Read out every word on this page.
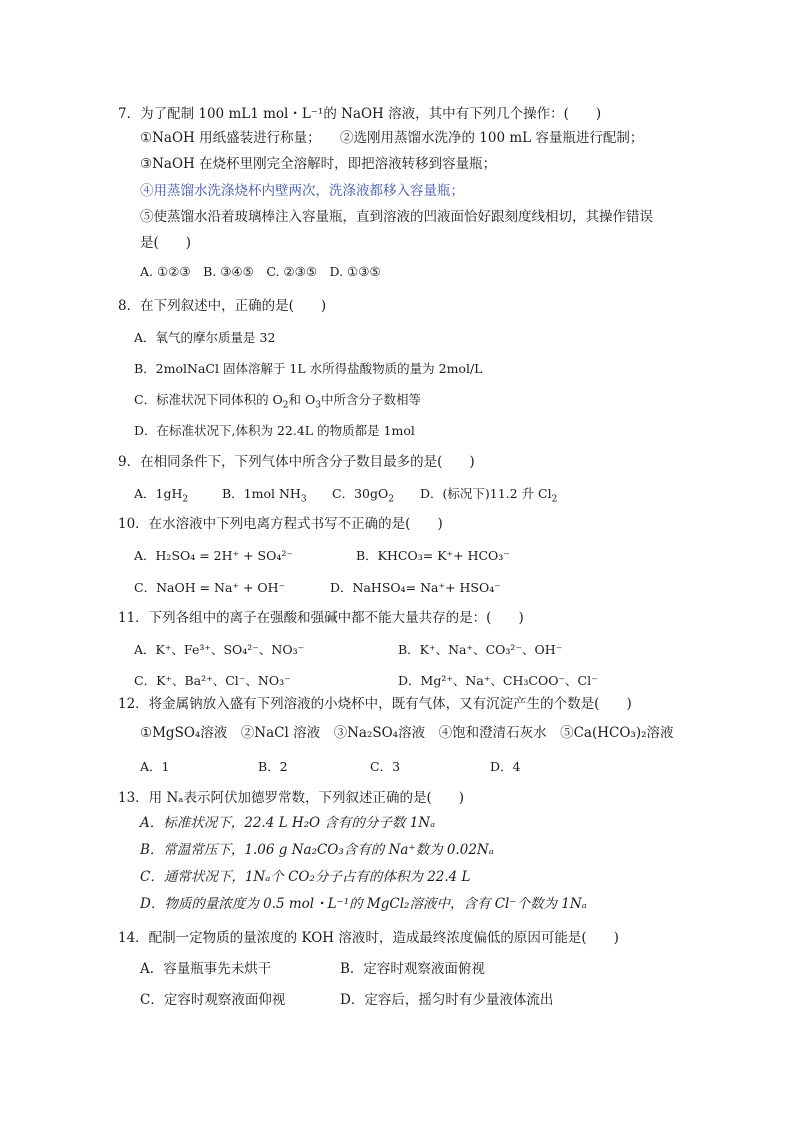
7．为了配制 100 mL1 mol・L⁻¹的 NaOH 溶液，其中有下列几个操作：(　　)
①NaOH 用纸盛装进行称量； ②选刚用蒸馏水洗净的 100 mL 容量瓶进行配制；
③NaOH 在烧杯里刚完全溶解时，即把溶液转移到容量瓶；
④用蒸馏水洗涤烧杯内壁两次，洗涤液都移入容量瓶；
⑤使蒸馏水沿着玻璃棒注入容量瓶，直到溶液的凹液面恰好跟刻度线相切，其操作错误
是(　　)
A. ①②③　B. ③④⑤　C. ②③⑤　D. ①③⑤
8．在下列叙述中，正确的是(　　)
A．氧气的摩尔质量是 32
B．2molNaCl 固体溶解于 1L 水所得盐酸物质的量为 2mol/L
C．标准状况下同体积的 $O_2$和 $O_3$中所含分子数相等
D．在标准状况下,体积为 22.4L 的物质都是 1mol
9．在相同条件下，下列气体中所含分子数目最多的是(　　)
A．$1gH_2$	B．1mol $NH_3$ C．$30gO_2$ D．(标况下)11.2 升 $Cl_2$
10．在水溶液中下列电离方程式书写不正确的是(　　)
A．H₂SO₄ = 2H⁺ + SO₄²⁻	B．KHCO₃= K⁺+ HCO₃⁻
C．NaOH = Na⁺ + OH⁻	D．NaHSO₄= Na⁺+ HSO₄⁻
11．下列各组中的离子在强酸和强碱中都不能大量共存的是：(　　)
A．K⁺、Fe³⁺、SO₄²⁻、NO₃⁻	B．K⁺、Na⁺、CO₃²⁻、OH⁻
C．K⁺、Ba²⁺、Cl⁻、NO₃⁻	D．Mg²⁺、Na⁺、CH₃COO⁻、Cl⁻
12．将金属钠放入盛有下列溶液的小烧杯中，既有气体，又有沉淀产生的个数是(　　)
①MgSO₄溶液　②NaCl 溶液　③Na₂SO₄溶液　④饱和澄清石灰水　⑤Ca(HCO₃)₂溶液
A．1	B．2	C．3	D．4
13．用 Nₐ表示阿伏加德罗常数，下列叙述正确的是(　　)
A．标准状况下，22.4 L H₂O 含有的分子数 1Nₐ
B．常温常压下，1.06 g Na₂CO₃含有的 Na⁺数为 0.02Nₐ
C．通常状况下，1Nₐ个 CO₂分子占有的体积为 22.4 L
D．物质的量浓度为 0.5 mol・L⁻¹的 MgCl₂溶液中，含有 Cl⁻个数为 1Nₐ
14．配制一定物质的量浓度的 KOH 溶液时，造成最终浓度偏低的原因可能是(　　)
A．容量瓶事先未烘干	B．定容时观察液面俯视
C．定容时观察液面仰视	D．定容后，摇匀时有少量液体流出
